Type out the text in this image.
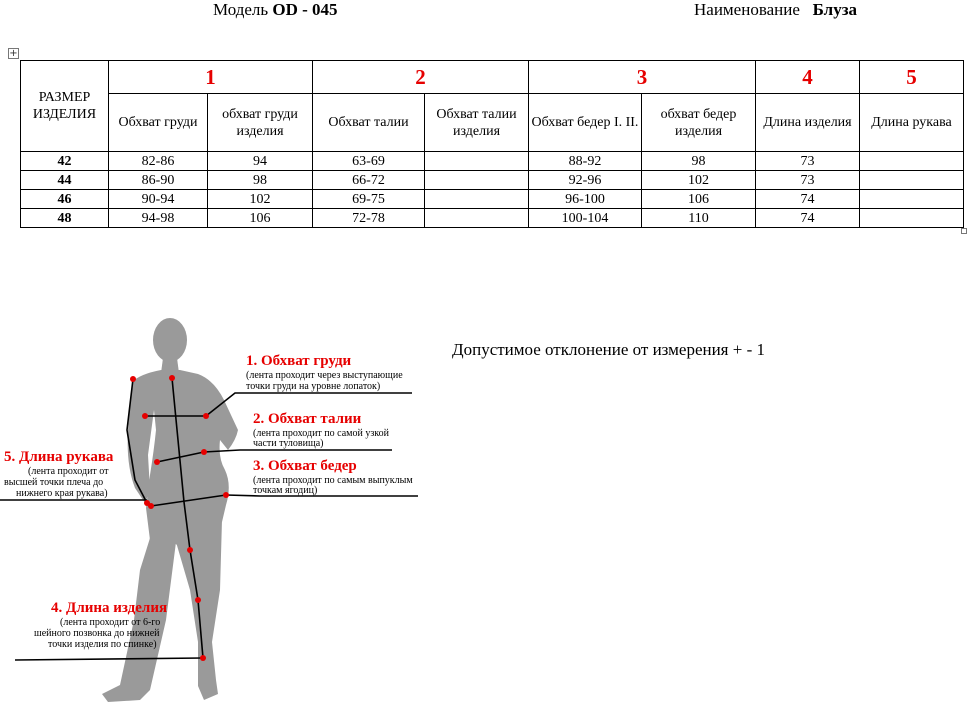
Модель OD - 045	Наименование Блуза
+
РАЗМЕР ИЗДЕЛИЯ	1		2		3		4	5
	Обхват груди	обхват груди изделия	Обхват талии	Обхват талии изделия	Обхват бедер I. II.	обхват бедер изделия	Длина изделия	Длина рукава
42	82-86	94	63-69		88-92	98	73	
44	86-90	98	66-72		92-96	102	73	
46	90-94	102	69-75		96-100	106	74	
48	94-98	106	72-78		100-104	110	74	
Допустимое отклонение от измерения + - 1
1. Обхват груди
(лента проходит через выступающие
точки груди на уровне лопаток)
2. Обхват талии
(лента проходит по самой узкой
части туловища)
3. Обхват бедер
(лента проходит по самым выпуклым
точкам ягодиц)
5. Длина рукава
(лента проходит от
высшей точки плеча до
нижнего края рукава)
4. Длина изделия
(лента проходит от 6-го
шейного позвонка до нижней
точки изделия по спинке)
